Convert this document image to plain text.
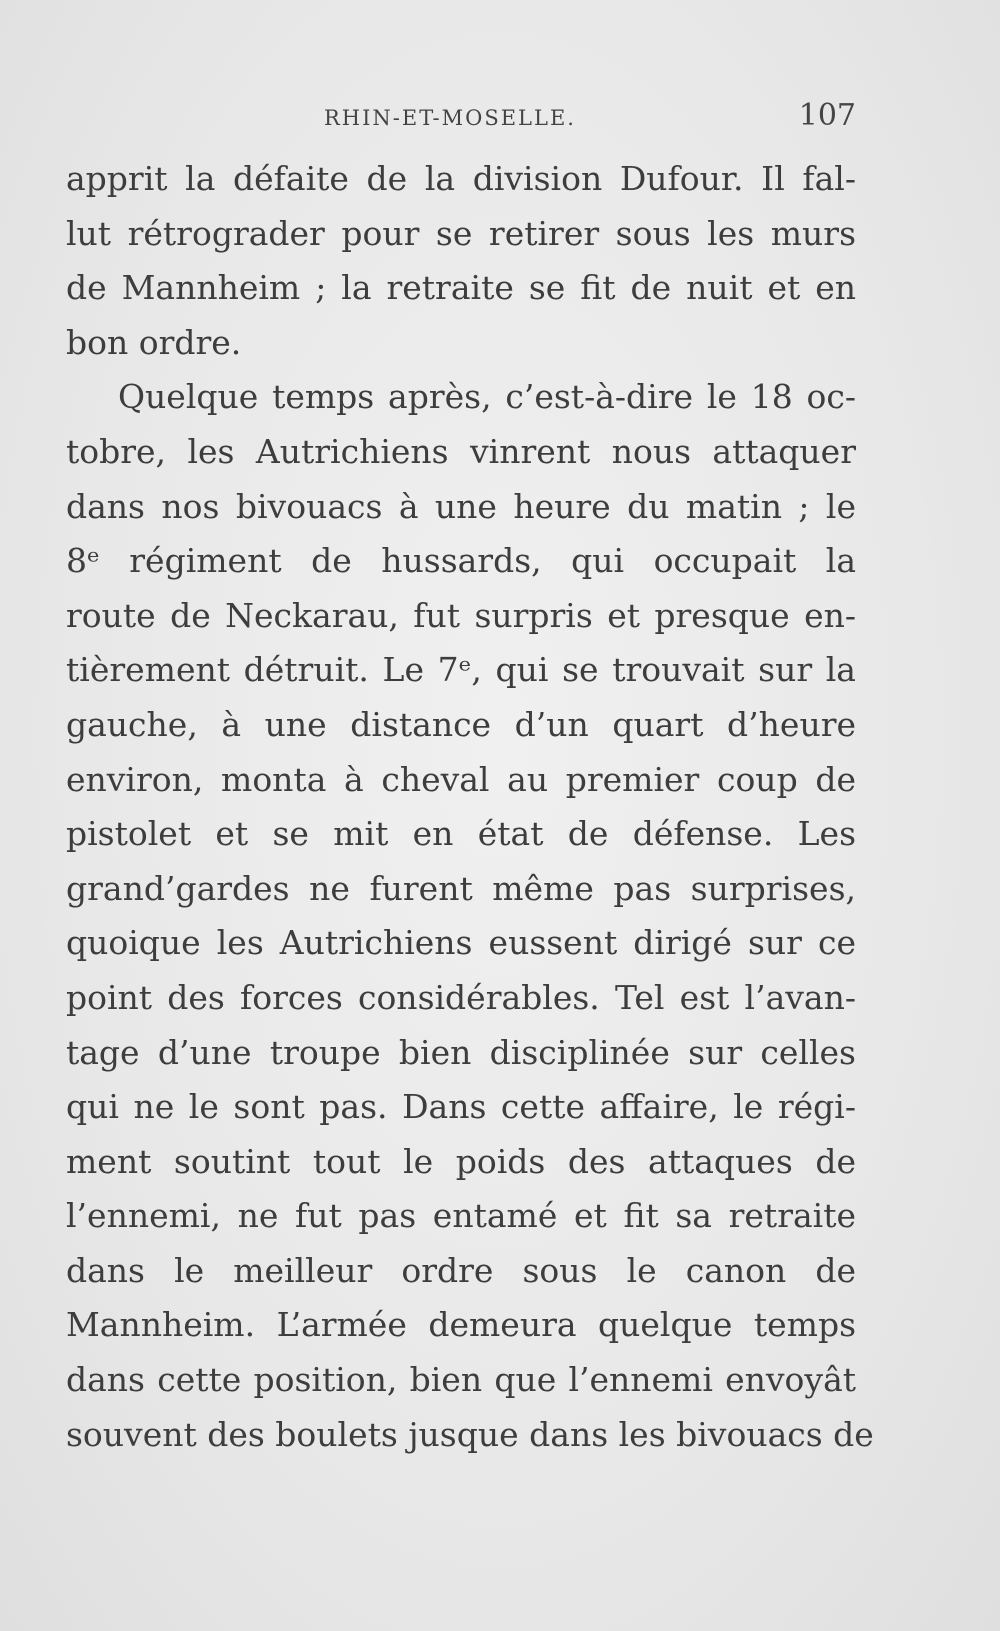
RHIN-ET-MOSELLE.	107
apprit la défaite de la division Dufour. Il fal-
lut rétrograder pour se retirer sous les murs
de Mannheim ; la retraite se fit de nuit et en
bon ordre.
Quelque temps après, c’est-à-dire le 18 oc-
tobre, les Autrichiens vinrent nous attaquer
dans nos bivouacs à une heure du matin ; le
8ᵉ régiment de hussards, qui occupait la
route de Neckarau, fut surpris et presque en-
tièrement détruit. Le 7ᵉ, qui se trouvait sur la
gauche, à une distance d’un quart d’heure
environ, monta à cheval au premier coup de
pistolet et se mit en état de défense. Les
grand’gardes ne furent même pas surprises,
quoique les Autrichiens eussent dirigé sur ce
point des forces considérables. Tel est l’avan-
tage d’une troupe bien disciplinée sur celles
qui ne le sont pas. Dans cette affaire, le régi-
ment soutint tout le poids des attaques de
l’ennemi, ne fut pas entamé et fit sa retraite
dans le meilleur ordre sous le canon de
Mannheim. L’armée demeura quelque temps
dans cette position, bien que l’ennemi envoyât
souvent des boulets jusque dans les bivouacs de
